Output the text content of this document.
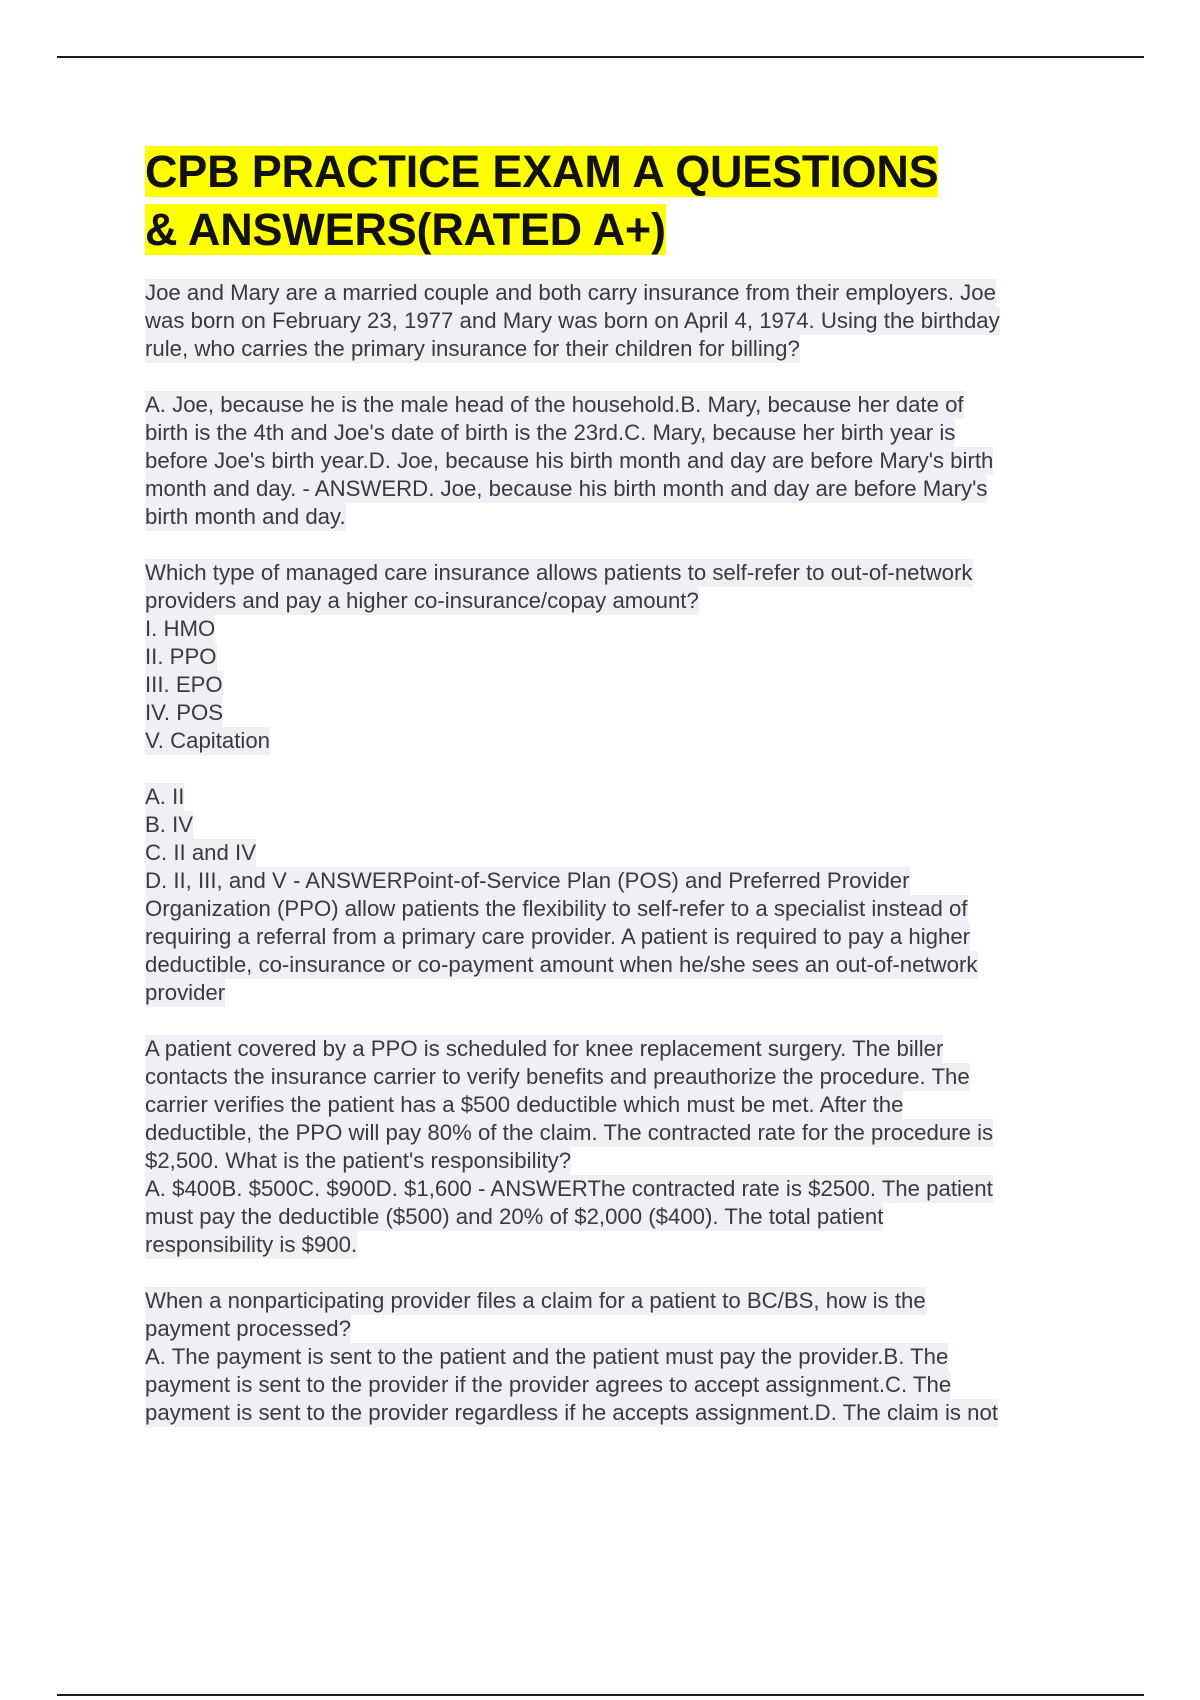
CPB PRACTICE EXAM A QUESTIONS
& ANSWERS(RATED A+)
Joe and Mary are a married couple and both carry insurance from their employers. Joe
was born on February 23, 1977 and Mary was born on April 4, 1974. Using the birthday
rule, who carries the primary insurance for their children for billing?
A. Joe, because he is the male head of the household.B. Mary, because her date of
birth is the 4th and Joe's date of birth is the 23rd.C. Mary, because her birth year is
before Joe's birth year.D. Joe, because his birth month and day are before Mary's birth
month and day. - ANSWERD. Joe, because his birth month and day are before Mary's
birth month and day.
Which type of managed care insurance allows patients to self-refer to out-of-network
providers and pay a higher co-insurance/copay amount?
I. HMO
II. PPO
III. EPO
IV. POS
V. Capitation
A. II
B. IV
C. II and IV
D. II, III, and V - ANSWERPoint-of-Service Plan (POS) and Preferred Provider
Organization (PPO) allow patients the flexibility to self-refer to a specialist instead of
requiring a referral from a primary care provider. A patient is required to pay a higher
deductible, co-insurance or co-payment amount when he/she sees an out-of-network
provider
A patient covered by a PPO is scheduled for knee replacement surgery. The biller
contacts the insurance carrier to verify benefits and preauthorize the procedure. The
carrier verifies the patient has a $500 deductible which must be met. After the
deductible, the PPO will pay 80% of the claim. The contracted rate for the procedure is
$2,500. What is the patient's responsibility?
A. $400B. $500C. $900D. $1,600 - ANSWERThe contracted rate is $2500. The patient
must pay the deductible ($500) and 20% of $2,000 ($400). The total patient
responsibility is $900.
When a nonparticipating provider files a claim for a patient to BC/BS, how is the
payment processed?
A. The payment is sent to the patient and the patient must pay the provider.B. The
payment is sent to the provider if the provider agrees to accept assignment.C. The
payment is sent to the provider regardless if he accepts assignment.D. The claim is not
